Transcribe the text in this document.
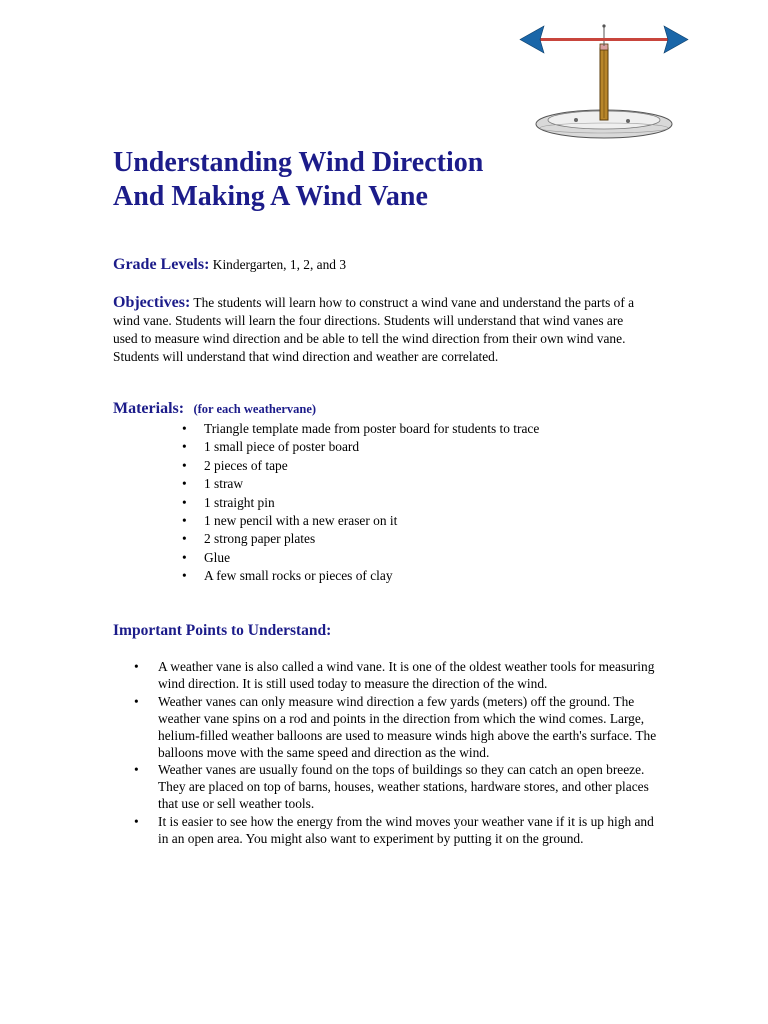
Understanding Wind Direction
And Making A Wind Vane
Grade Levels: Kindergarten, 1, 2, and 3
Objectives: The students will learn how to construct a wind vane and understand the parts of a wind vane. Students will learn the four directions. Students will understand that wind vanes are used to measure wind direction and be able to tell the wind direction from their own wind vane. Students will understand that wind direction and weather are correlated.
Materials: (for each weathervane)
• Triangle template made from poster board for students to trace
• 1 small piece of poster board
• 2 pieces of tape
• 1 straw
• 1 straight pin
• 1 new pencil with a new eraser on it
• 2 strong paper plates
• Glue
• A few small rocks or pieces of clay
Important Points to Understand:
• A weather vane is also called a wind vane. It is one of the oldest weather tools for measuring wind direction. It is still used today to measure the direction of the wind.
• Weather vanes can only measure wind direction a few yards (meters) off the ground. The weather vane spins on a rod and points in the direction from which the wind comes. Large, helium-filled weather balloons are used to measure winds high above the earth's surface. The balloons move with the same speed and direction as the wind.
• Weather vanes are usually found on the tops of buildings so they can catch an open breeze. They are placed on top of barns, houses, weather stations, hardware stores, and other places that use or sell weather tools.
• It is easier to see how the energy from the wind moves your weather vane if it is up high and in an open area. You might also want to experiment by putting it on the ground.
